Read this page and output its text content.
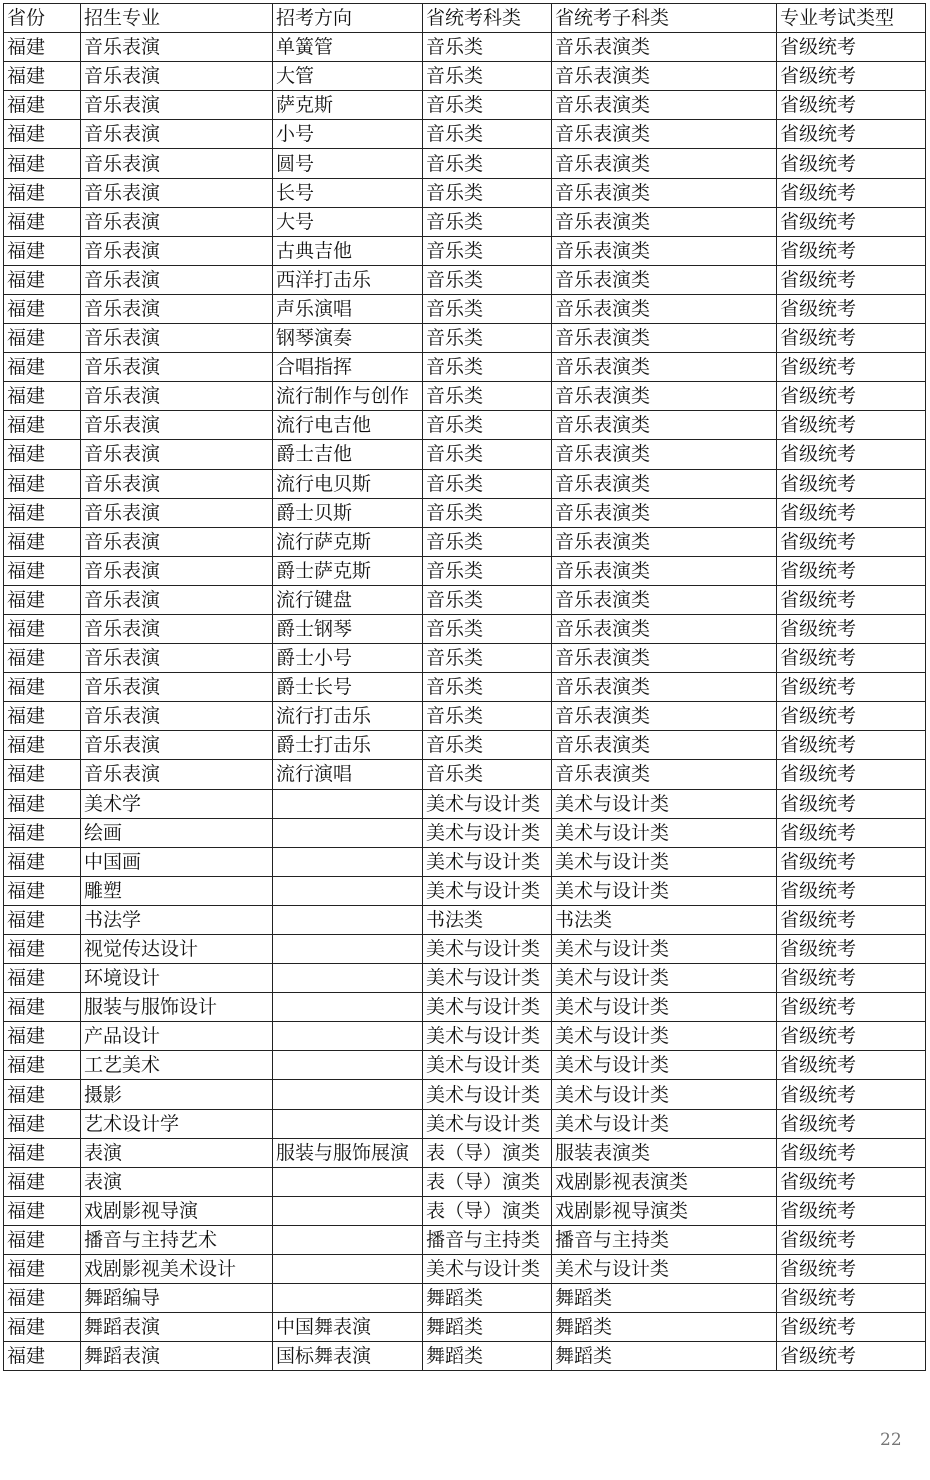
省份	招生专业	招考方向	省统考科类	省统考子科类	专业考试类型
福建	音乐表演	单簧管	音乐类	音乐表演类	省级统考
福建	音乐表演	大管	音乐类	音乐表演类	省级统考
福建	音乐表演	萨克斯	音乐类	音乐表演类	省级统考
福建	音乐表演	小号	音乐类	音乐表演类	省级统考
福建	音乐表演	圆号	音乐类	音乐表演类	省级统考
福建	音乐表演	长号	音乐类	音乐表演类	省级统考
福建	音乐表演	大号	音乐类	音乐表演类	省级统考
福建	音乐表演	古典吉他	音乐类	音乐表演类	省级统考
福建	音乐表演	西洋打击乐	音乐类	音乐表演类	省级统考
福建	音乐表演	声乐演唱	音乐类	音乐表演类	省级统考
福建	音乐表演	钢琴演奏	音乐类	音乐表演类	省级统考
福建	音乐表演	合唱指挥	音乐类	音乐表演类	省级统考
福建	音乐表演	流行制作与创作	音乐类	音乐表演类	省级统考
福建	音乐表演	流行电吉他	音乐类	音乐表演类	省级统考
福建	音乐表演	爵士吉他	音乐类	音乐表演类	省级统考
福建	音乐表演	流行电贝斯	音乐类	音乐表演类	省级统考
福建	音乐表演	爵士贝斯	音乐类	音乐表演类	省级统考
福建	音乐表演	流行萨克斯	音乐类	音乐表演类	省级统考
福建	音乐表演	爵士萨克斯	音乐类	音乐表演类	省级统考
福建	音乐表演	流行键盘	音乐类	音乐表演类	省级统考
福建	音乐表演	爵士钢琴	音乐类	音乐表演类	省级统考
福建	音乐表演	爵士小号	音乐类	音乐表演类	省级统考
福建	音乐表演	爵士长号	音乐类	音乐表演类	省级统考
福建	音乐表演	流行打击乐	音乐类	音乐表演类	省级统考
福建	音乐表演	爵士打击乐	音乐类	音乐表演类	省级统考
福建	音乐表演	流行演唱	音乐类	音乐表演类	省级统考
福建	美术学		美术与设计类	美术与设计类	省级统考
福建	绘画		美术与设计类	美术与设计类	省级统考
福建	中国画		美术与设计类	美术与设计类	省级统考
福建	雕塑		美术与设计类	美术与设计类	省级统考
福建	书法学		书法类	书法类	省级统考
福建	视觉传达设计		美术与设计类	美术与设计类	省级统考
福建	环境设计		美术与设计类	美术与设计类	省级统考
福建	服装与服饰设计		美术与设计类	美术与设计类	省级统考
福建	产品设计		美术与设计类	美术与设计类	省级统考
福建	工艺美术		美术与设计类	美术与设计类	省级统考
福建	摄影		美术与设计类	美术与设计类	省级统考
福建	艺术设计学		美术与设计类	美术与设计类	省级统考
福建	表演	服装与服饰展演	表（导）演类	服装表演类	省级统考
福建	表演		表（导）演类	戏剧影视表演类	省级统考
福建	戏剧影视导演		表（导）演类	戏剧影视导演类	省级统考
福建	播音与主持艺术		播音与主持类	播音与主持类	省级统考
福建	戏剧影视美术设计		美术与设计类	美术与设计类	省级统考
福建	舞蹈编导		舞蹈类	舞蹈类	省级统考
福建	舞蹈表演	中国舞表演	舞蹈类	舞蹈类	省级统考
福建	舞蹈表演	国标舞表演	舞蹈类	舞蹈类	省级统考
22
